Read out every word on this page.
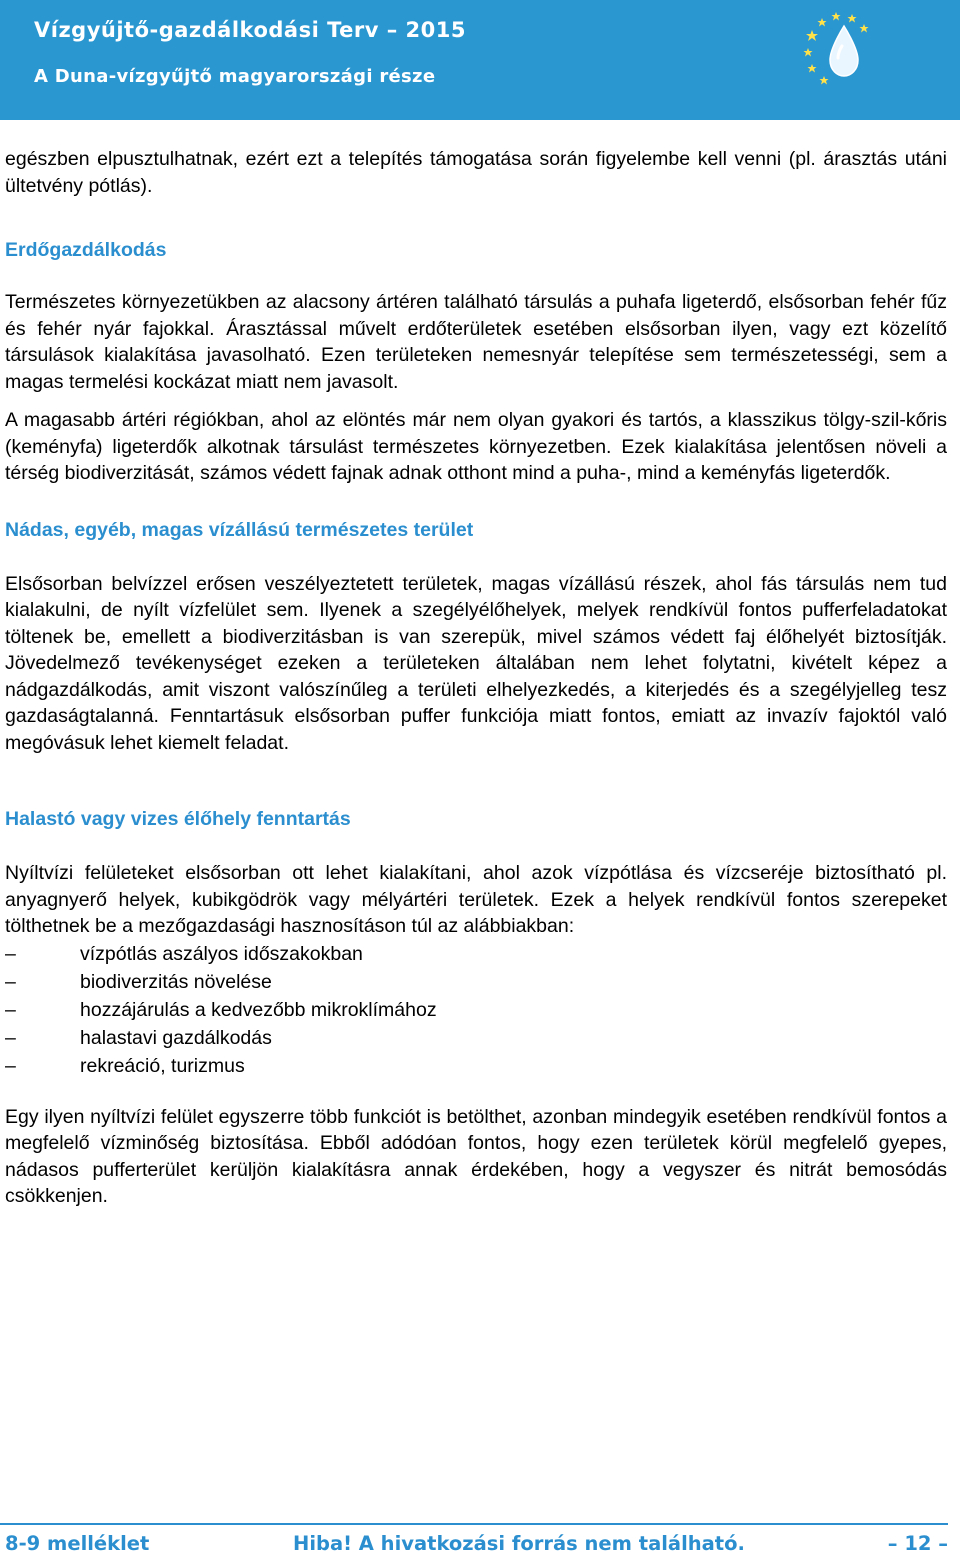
Vízgyűjtő-gazdálkodási Terv – 2015
A Duna-vízgyűjtő magyarországi része

egészben elpusztulhatnak, ezért ezt a telepítés támogatása során figyelembe kell venni (pl. árasztás utáni ültetvény pótlás).

Erdőgazdálkodás

Természetes környezetükben az alacsony ártéren található társulás a puhafa ligeterdő, elsősorban fehér fűz és fehér nyár fajokkal. Árasztással művelt erdőterületek esetében elsősorban ilyen, vagy ezt közelítő társulások kialakítása javasolható. Ezen területeken nemesnyár telepítése sem természetességi, sem a magas termelési kockázat miatt nem javasolt.

A magasabb ártéri régiókban, ahol az elöntés már nem olyan gyakori és tartós, a klasszikus tölgy-szil-kőris (keményfa) ligeterdők alkotnak társulást természetes környezetben. Ezek kialakítása jelentősen növeli a térség biodiverzitását, számos védett fajnak adnak otthont mind a puha-, mind a keményfás ligeterdők.

Nádas, egyéb, magas vízállású természetes terület

Elsősorban belvízzel erősen veszélyeztetett területek, magas vízállású részek, ahol fás társulás nem tud kialakulni, de nyílt vízfelület sem. Ilyenek a szegélyélőhelyek, melyek rendkívül fontos pufferfeladatokat töltenek be, emellett a biodiverzitásban is van szerepük, mivel számos védett faj élőhelyét biztosítják. Jövedelmező tevékenységet ezeken a területeken általában nem lehet folytatni, kivételt képez a nádgazdálkodás, amit viszont valószínűleg a területi elhelyezkedés, a kiterjedés és a szegélyjelleg tesz gazdaságtalanná. Fenntartásuk elsősorban puffer funkciója miatt fontos, emiatt az invazív fajoktól való megóvásuk lehet kiemelt feladat.

Halastó vagy vizes élőhely fenntartás

Nyíltvízi felületeket elsősorban ott lehet kialakítani, ahol azok vízpótlása és vízcseréje biztosítható pl. anyagnyerő helyek, kubikgödrök vagy mélyártéri területek. Ezek a helyek rendkívül fontos szerepeket tölthetnek be a mezőgazdasági hasznosításon túl az alábbiakban:

–	vízpótlás aszályos időszakokban
–	biodiverzitás növelése
–	hozzájárulás a kedvezőbb mikroklímához
–	halastavi gazdálkodás
–	rekreáció, turizmus

Egy ilyen nyíltvízi felület egyszerre több funkciót is betölthet, azonban mindegyik esetében rendkívül fontos a megfelelő vízminőség biztosítása. Ebből adódóan fontos, hogy ezen területek körül megfelelő gyepes, nádasos pufferterület kerüljön kialakításra annak érdekében, hogy a vegyszer és nitrát bemosódás csökkenjen.

8-9 melléklet	Hiba! A hivatkozási forrás nem található.	– 12 –
